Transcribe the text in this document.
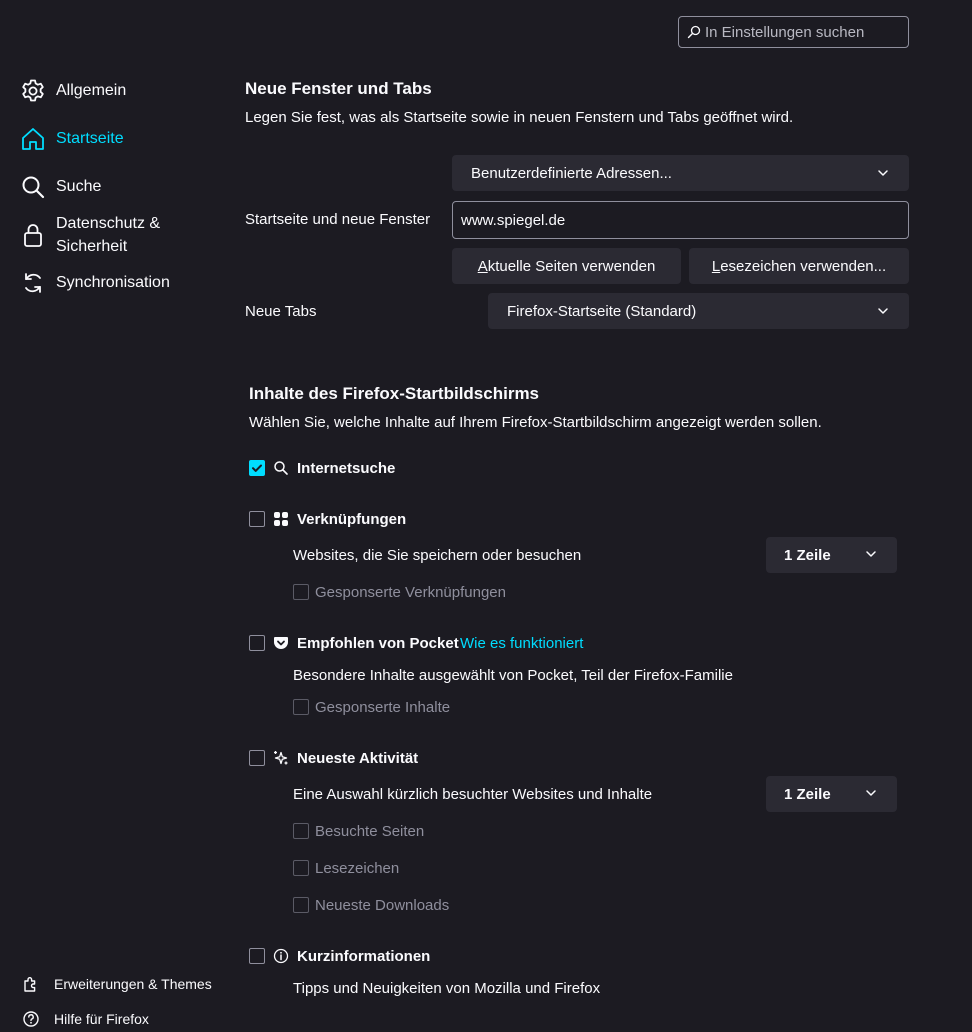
In Einstellungen suchen
Allgemein
Startseite
Suche
Datenschutz &
Sicherheit
Synchronisation
Erweiterungen & Themes
Hilfe für Firefox
Neue Fenster und Tabs
Legen Sie fest, was als Startseite sowie in neuen Fenstern und Tabs geöffnet wird.
Benutzerdefinierte Adressen...
Startseite und neue Fenster
www.spiegel.de
A ktuelle Seiten verwenden	L esezeichen verwenden...
Neue Tabs	Firefox-Startseite (Standard)
Inhalte des Firefox-Startbildschirms
Wählen Sie, welche Inhalte auf Ihrem Firefox-Startbildschirm angezeigt werden sollen.
Internetsuche
Verknüpfungen
Websites, die Sie speichern oder besuchen	1 Zeile
Gesponserte Verknüpfungen
Empfohlen von Pocket Wie es funktioniert
Besondere Inhalte ausgewählt von Pocket, Teil der Firefox-Familie
Gesponserte Inhalte
Neueste Aktivität
Eine Auswahl kürzlich besuchter Websites und Inhalte	1 Zeile
Besuchte Seiten
Lesezeichen
Neueste Downloads
Kurzinformationen
Tipps und Neuigkeiten von Mozilla und Firefox
